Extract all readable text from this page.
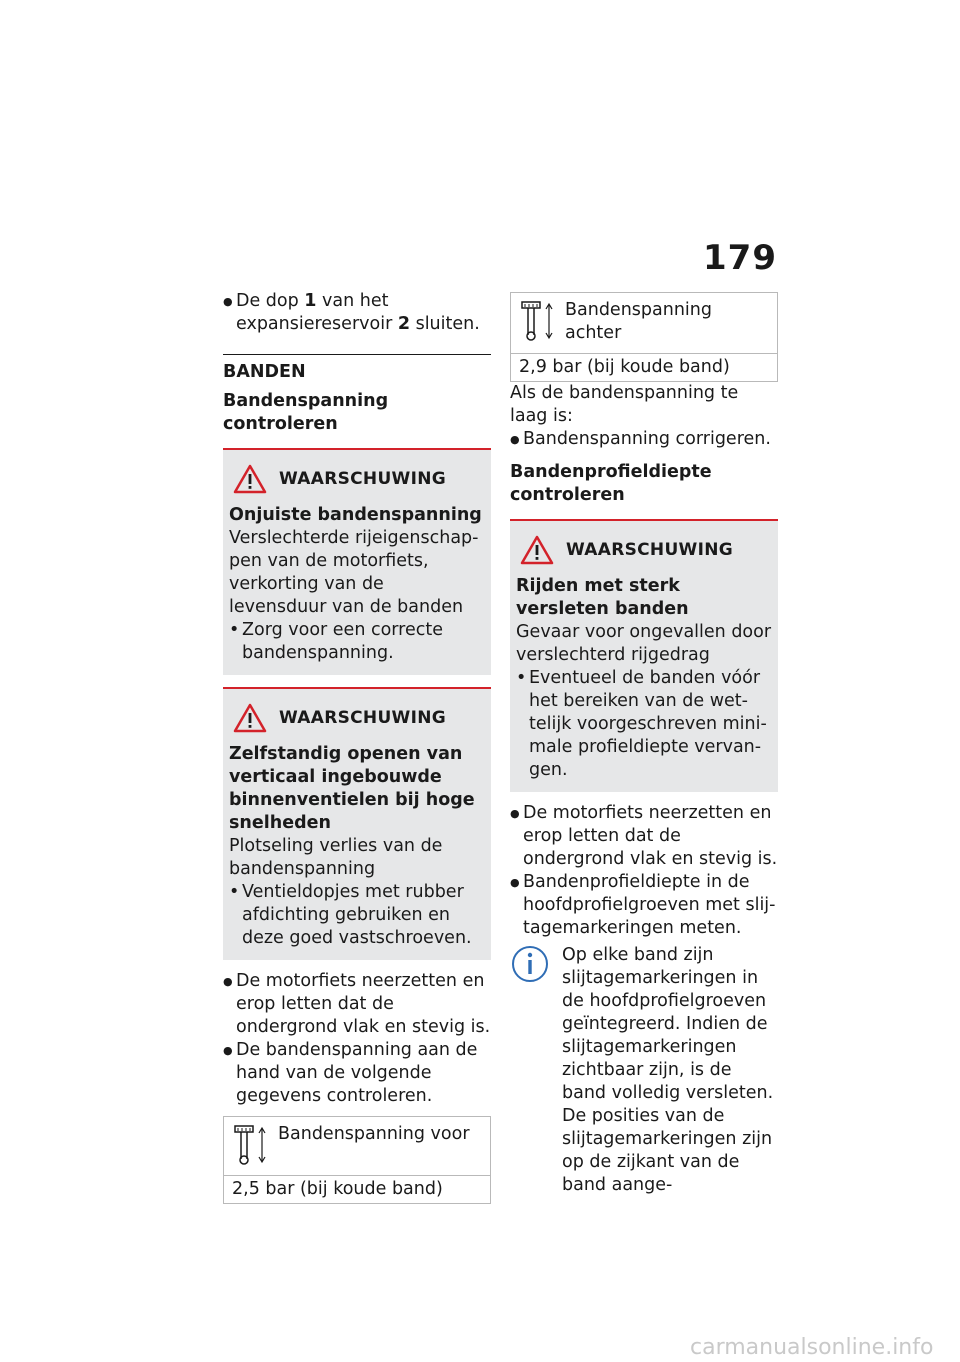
179
● De dop 1 van het expansiereservoir 2 sluiten.
BANDEN
Bandenspanning controleren
WAARSCHUWING
Onjuiste bandenspanning
Verslechterde rijeigenschappen van de motorfiets, verkorting van de levensduur van de banden
• Zorg voor een correcte bandenspanning.
WAARSCHUWING
Zelfstandig openen van verticaal ingebouwde binnenventielen bij hoge snelheden
Plotseling verlies van de bandenspanning
• Ventieldopjes met rubber afdichting gebruiken en deze goed vastschroeven.
● De motorfiets neerzetten en erop letten dat de ondergrond vlak en stevig is.
● De bandenspanning aan de hand van de volgende gegevens controleren.
Bandenspanning voor
2,5 bar (bij koude band)
Bandenspanning achter
2,9 bar (bij koude band)
Als de bandenspanning te laag is:
● Bandenspanning corrigeren.
Bandenprofieldiepte controleren
WAARSCHUWING
Rijden met sterk versleten banden
Gevaar voor ongevallen door verslechterd rijgedrag
• Eventueel de banden vóór het bereiken van de wettelijk voorgeschreven minimale profieldiepte vervangen.
● De motorfiets neerzetten en erop letten dat de ondergrond vlak en stevig is.
● Bandenprofieldiepte in de hoofdprofielgroeven met slijtagemarkeringen meten.
Op elke band zijn slijtagemarkeringen in de hoofdprofielgroeven geïntegreerd. Indien de slijtagemarkeringen zichtbaar zijn, is de band volledig versleten. De posities van de slijtagemarkeringen zijn op de zijkant van de band aange-
carmanualsonline.info
